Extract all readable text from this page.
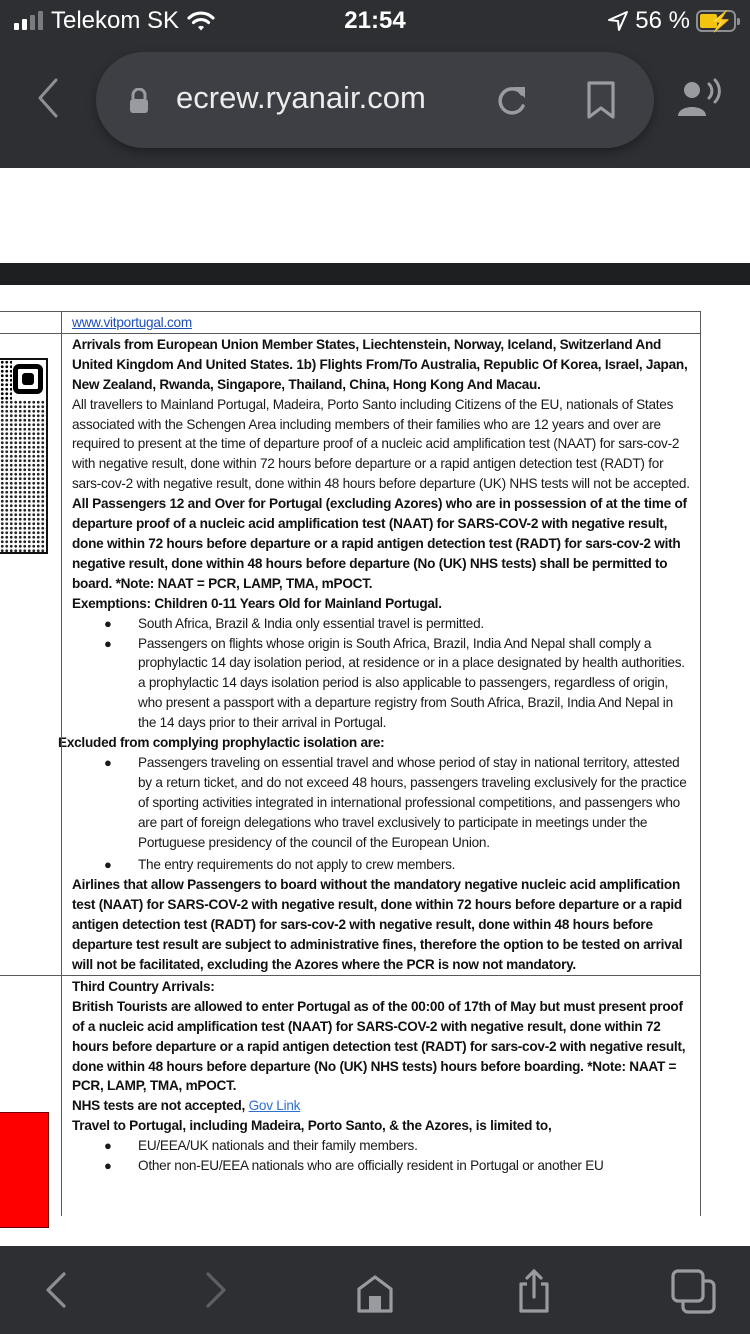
Telekom SK	21:54	56 % ⚡
ecrew.ryanair.com
www.vitportugal.com

Arrivals from European Union Member States, Liechtenstein, Norway, Iceland, Switzerland And United Kingdom And United States. 1b) Flights From/To Australia, Republic Of Korea, Israel, Japan, New Zealand, Rwanda, Singapore, Thailand, China, Hong Kong And Macau.

All travellers to Mainland Portugal, Madeira, Porto Santo including Citizens of the EU, nationals of States associated with the Schengen Area including members of their families who are 12 years and over are required to present at the time of departure proof of a nucleic acid amplification test (NAAT) for sars-cov-2 with negative result, done within 72 hours before departure or a rapid antigen detection test (RADT) for sars-cov-2 with negative result, done within 48 hours before departure (UK) NHS tests will not be accepted.

All Passengers 12 and Over for Portugal (excluding Azores) who are in possession of at the time of departure proof of a nucleic acid amplification test (NAAT) for SARS-COV-2 with negative result, done within 72 hours before departure or a rapid antigen detection test (RADT) for sars-cov-2 with negative result, done within 48 hours before departure (No (UK) NHS tests) shall be permitted to board. *Note: NAAT = PCR, LAMP, TMA, mPOCT.

Exemptions: Children 0-11 Years Old for Mainland Portugal.

● South Africa, Brazil & India only essential travel is permitted.
● Passengers on flights whose origin is South Africa, Brazil, India And Nepal shall comply a prophylactic 14 day isolation period, at residence or in a place designated by health authorities. a prophylactic 14 days isolation period is also applicable to passengers, regardless of origin, who present a passport with a departure registry from South Africa, Brazil, India And Nepal in the 14 days prior to their arrival in Portugal.

Excluded from complying prophylactic isolation are:

● Passengers traveling on essential travel and whose period of stay in national territory, attested by a return ticket, and do not exceed 48 hours, passengers traveling exclusively for the practice of sporting activities integrated in international professional competitions, and passengers who are part of foreign delegations who travel exclusively to participate in meetings under the Portuguese presidency of the council of the European Union.
● The entry requirements do not apply to crew members.

Airlines that allow Passengers to board without the mandatory negative nucleic acid amplification test (NAAT) for SARS-COV-2 with negative result, done within 72 hours before departure or a rapid antigen detection test (RADT) for sars-cov-2 with negative result, done within 48 hours before departure test result are subject to administrative fines, therefore the option to be tested on arrival will not be facilitated, excluding the Azores where the PCR is now not mandatory.

Third Country Arrivals:

British Tourists are allowed to enter Portugal as of the 00:00 of 17th of May but must present proof of a nucleic acid amplification test (NAAT) for SARS-COV-2 with negative result, done within 72 hours before departure or a rapid antigen detection test (RADT) for sars-cov-2 with negative result, done within 48 hours before departure (No (UK) NHS tests) hours before boarding. *Note: NAAT = PCR, LAMP, TMA, mPOCT.

NHS tests are not accepted, Gov Link

Travel to Portugal, including Madeira, Porto Santo, & the Azores, is limited to,

● EU/EEA/UK nationals and their family members.
● Other non-EU/EEA nationals who are officially resident in Portugal or another EU
